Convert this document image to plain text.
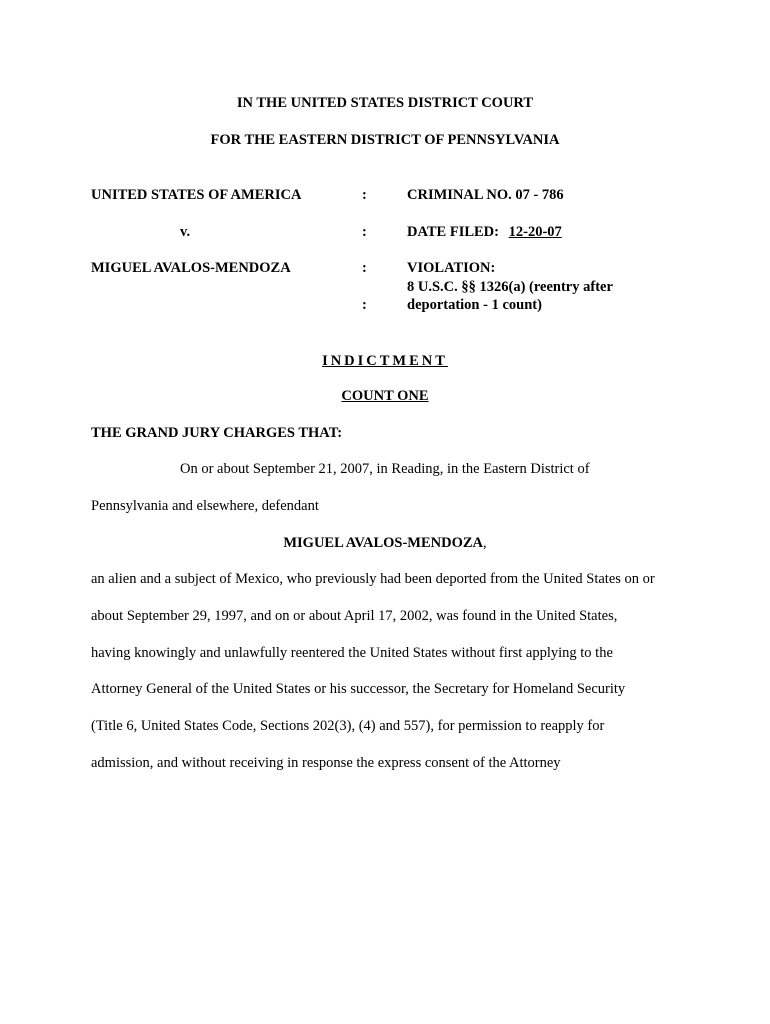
IN THE UNITED STATES DISTRICT COURT
FOR THE EASTERN DISTRICT OF PENNSYLVANIA
UNITED STATES OF AMERICA
v.
MIGUEL AVALOS-MENDOZA
:
:
:
:
CRIMINAL NO. 07 - 786
DATE FILED: 12-20-07
VIOLATION:
8 U.S.C. §§ 1326(a) (reentry after
deportation - 1 count)
INDICTMENT
COUNT ONE
THE GRAND JURY CHARGES THAT:
On or about September 21, 2007, in Reading, in the Eastern District of
Pennsylvania and elsewhere, defendant
MIGUEL AVALOS-MENDOZA,
an alien and a subject of Mexico, who previously had been deported from the United States on or
about September 29, 1997, and on or about April 17, 2002, was found in the United States,
having knowingly and unlawfully reentered the United States without first applying to the
Attorney General of the United States or his successor, the Secretary for Homeland Security
(Title 6, United States Code, Sections 202(3), (4) and 557), for permission to reapply for
admission, and without receiving in response the express consent of the Attorney
